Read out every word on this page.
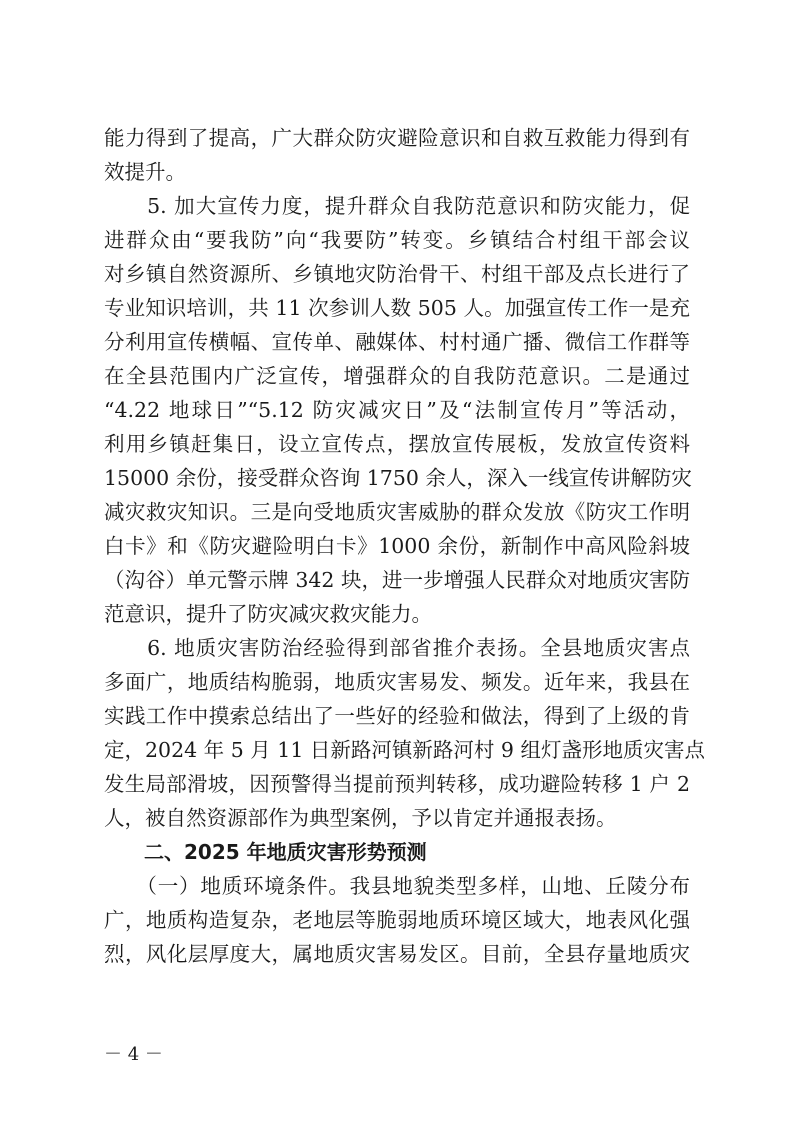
能力得到了提高，广大群众防灾避险意识和自救互救能力得到有
效提升。
　　5. 加大宣传力度，提升群众自我防范意识和防灾能力，促
进群众由“要我防”向“我要防”转变。乡镇结合村组干部会议
对乡镇自然资源所、乡镇地灾防治骨干、村组干部及点长进行了
专业知识培训，共 11 次参训人数 505 人。加强宣传工作一是充
分利用宣传横幅、宣传单、融媒体、村村通广播、微信工作群等
在全县范围内广泛宣传，增强群众的自我防范意识。二是通过
“4.22 地球日”“5.12 防灾减灾日”及“法制宣传月”等活动，
利用乡镇赶集日，设立宣传点，摆放宣传展板，发放宣传资料
15000 余份，接受群众咨询 1750 余人，深入一线宣传讲解防灾
减灾救灾知识。三是向受地质灾害威胁的群众发放《防灾工作明
白卡》和《防灾避险明白卡》1000 余份，新制作中高风险斜坡
（沟谷）单元警示牌 342 块，进一步增强人民群众对地质灾害防
范意识，提升了防灾减灾救灾能力。
　　6. 地质灾害防治经验得到部省推介表扬。全县地质灾害点
多面广，地质结构脆弱，地质灾害易发、频发。近年来，我县在
实践工作中摸索总结出了一些好的经验和做法，得到了上级的肯
定，2024 年 5 月 11 日新路河镇新路河村 9 组灯盏形地质灾害点
发生局部滑坡，因预警得当提前预判转移，成功避险转移 1 户 2
人，被自然资源部作为典型案例，予以肯定并通报表扬。
　　二、2025 年地质灾害形势预测
　　（一）地质环境条件。我县地貌类型多样，山地、丘陵分布
广，地质构造复杂，老地层等脆弱地质环境区域大，地表风化强
烈，风化层厚度大，属地质灾害易发区。目前，全县存量地质灾
－ 4 －
